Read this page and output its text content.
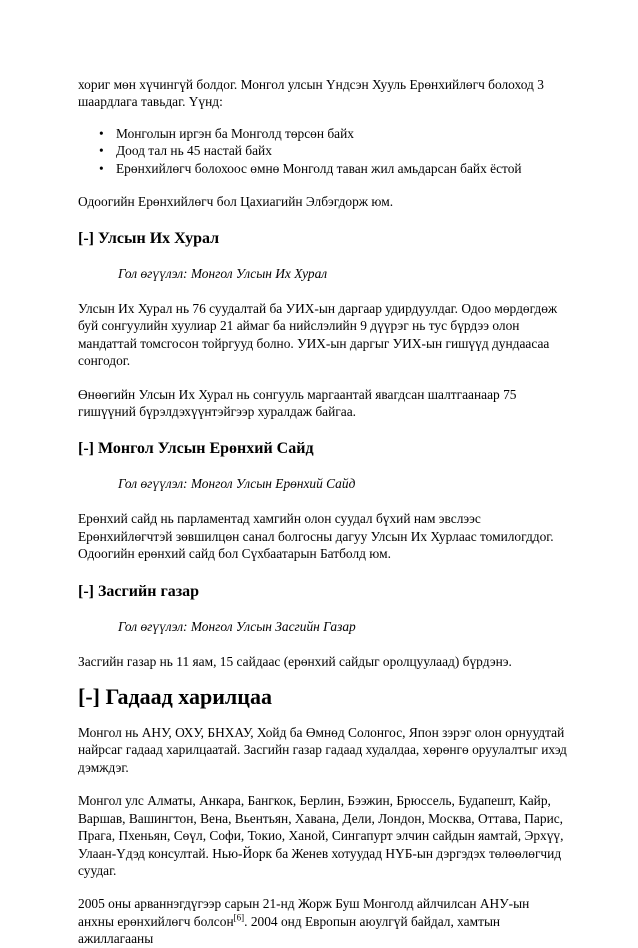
хориг мөн хүчингүй болдог. Монгол улсын Үндсэн Хууль Ерөнхийлөгч болоход 3 шаардлага тавьдаг. Үүнд:

• Монголын иргэн ба Монголд төрсөн байх
• Доод тал нь 45 настай байх
• Ерөнхийлөгч болохоос өмнө Монголд таван жил амьдарсан байх ёстой

Одоогийн Ерөнхийлөгч бол Цахиагийн Элбэгдорж юм.

[-] Улсын Их Хурал
Гол өгүүлэл: Монгол Улсын Их Хурал

Улсын Их Хурал нь 76 суудалтай ба УИХ-ын даргаар удирдуулдаг. Одоо мөрдөгдөж буй сонгуулийн хуулиар 21 аймаг ба нийслэлийн 9 дүүрэг нь тус бүрдээ олон мандаттай томсгосон тойргууд болно. УИХ-ын даргыг УИХ-ын гишүүд дундаасаа сонгодог.

Өнөөгийн Улсын Их Хурал нь сонгууль маргаантай явагдсан шалтгаанаар 75 гишүүний бүрэлдэхүүнтэйгээр хуралдаж байгаа.

[-] Монгол Улсын Ерөнхий Сайд
Гол өгүүлэл: Монгол Улсын Ерөнхий Сайд

Ерөнхий сайд нь парламентад хамгийн олон суудал бүхий нам эвслээс Ерөнхийлөгчтэй зөвшилцөн санал болгосны дагуу Улсын Их Хурлаас томилогддог. Одоогийн ерөнхий сайд бол Сүхбаатарын Батболд юм.

[-] Засгийн газар
Гол өгүүлэл: Монгол Улсын Засгийн Газар

Засгийн газар нь 11 яам, 15 сайдаас (ерөнхий сайдыг оролцуулаад) бүрдэнэ.

[-] Гадаад харилцаа

Монгол нь АНУ, ОХУ, БНХАУ, Хойд ба Өмнөд Солонгос, Япон зэрэг олон орнуудтай найрсаг гадаад харилцаатай. Засгийн газар гадаад худалдаа, хөрөнгө оруулалтыг ихэд дэмждэг.

Монгол улс Алматы, Анкара, Бангкок, Берлин, Бээжин, Брюссель, Будапешт, Кайр, Варшав, Вашингтон, Вена, Вьентьян, Хавана, Дели, Лондон, Москва, Оттава, Парис, Прага, Пхеньян, Сөүл, Софи, Токио, Ханой, Сингапурт элчин сайдын яамтай, Эрхүү, Улаан-Үдэд консултай. Нью-Йорк ба Женев хотуудад НҮБ-ын дэргэдэх төлөөлөгчид суудаг.

2005 оны арваннэгдүгээр сарын 21-нд Жорж Буш Монголд айлчилсан АНУ-ын анхны ерөнхийлөгч болсон[6]. 2004 онд Европын аюулгүй байдал, хамтын ажиллагааны
